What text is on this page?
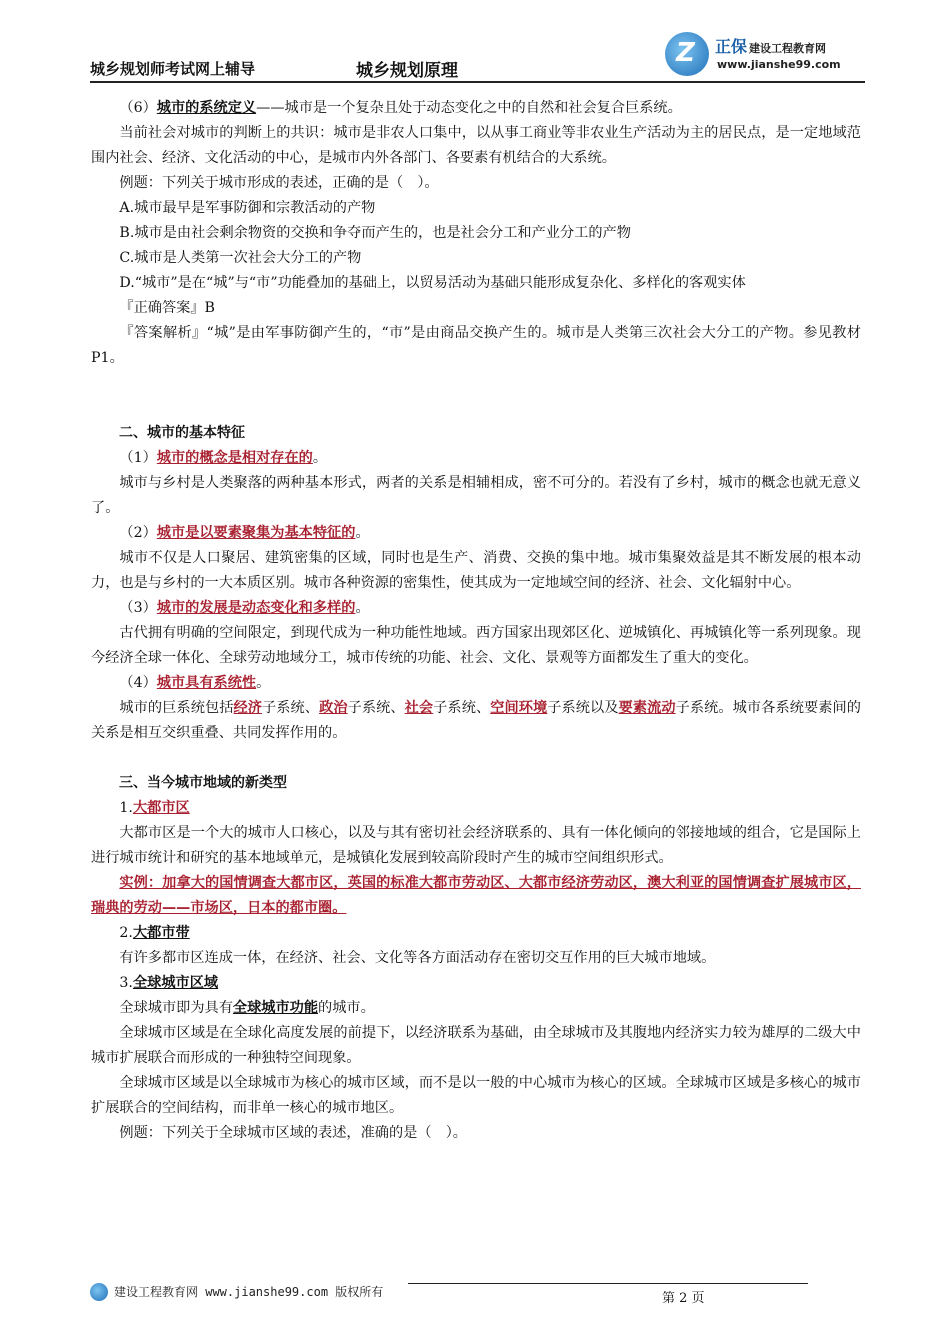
城乡规划师考试网上辅导	城乡规划原理
Z 正保 建设工程教育网
www.jianshe99.com

（6）城市的系统定义——城市是一个复杂且处于动态变化之中的自然和社会复合巨系统。

当前社会对城市的判断上的共识：城市是非农人口集中，以从事工商业等非农业生产活动为主的居民点，是一定地域范围内社会、经济、文化活动的中心，是城市内外各部门、各要素有机结合的大系统。

例题：下列关于城市形成的表述，正确的是（　）。

A.城市最早是军事防御和宗教活动的产物

B.城市是由社会剩余物资的交换和争夺而产生的，也是社会分工和产业分工的产物

C.城市是人类第一次社会大分工的产物

D.“城市”是在“城”与“市”功能叠加的基础上，以贸易活动为基础只能形成复杂化、多样化的客观实体

『正确答案』B

『答案解析』“城”是由军事防御产生的，“市”是由商品交换产生的。城市是人类第三次社会大分工的产物。参见教材P1。

二、城市的基本特征

（1）城市的概念是相对存在的。

城市与乡村是人类聚落的两种基本形式，两者的关系是相辅相成，密不可分的。若没有了乡村，城市的概念也就无意义了。

（2）城市是以要素聚集为基本特征的。

城市不仅是人口聚居、建筑密集的区域，同时也是生产、消费、交换的集中地。城市集聚效益是其不断发展的根本动力，也是与乡村的一大本质区别。城市各种资源的密集性，使其成为一定地域空间的经济、社会、文化辐射中心。

（3）城市的发展是动态变化和多样的。

古代拥有明确的空间限定，到现代成为一种功能性地域。西方国家出现郊区化、逆城镇化、再城镇化等一系列现象。现今经济全球一体化、全球劳动地域分工，城市传统的功能、社会、文化、景观等方面都发生了重大的变化。

（4）城市具有系统性。

城市的巨系统包括经济子系统、政治子系统、社会子系统、空间环境子系统以及要素流动子系统。城市各系统要素间的关系是相互交织重叠、共同发挥作用的。

三、当今城市地域的新类型

1.大都市区

大都市区是一个大的城市人口核心，以及与其有密切社会经济联系的、具有一体化倾向的邻接地域的组合，它是国际上进行城市统计和研究的基本地域单元，是城镇化发展到较高阶段时产生的城市空间组织形式。

实例：加拿大的国情调查大都市区，英国的标准大都市劳动区、大都市经济劳动区，澳大利亚的国情调查扩展城市区，瑞典的劳动——市场区，日本的都市圈。

2.大都市带

有许多都市区连成一体，在经济、社会、文化等各方面活动存在密切交互作用的巨大城市地域。

3.全球城市区域

全球城市即为具有全球城市功能的城市。

全球城市区域是在全球化高度发展的前提下，以经济联系为基础，由全球城市及其腹地内经济实力较为雄厚的二级大中城市扩展联合而形成的一种独特空间现象。

全球城市区域是以全球城市为核心的城市区域，而不是以一般的中心城市为核心的区域。全球城市区域是多核心的城市扩展联合的空间结构，而非单一核心的城市地区。

例题：下列关于全球城市区域的表述，准确的是（　）。

建设工程教育网 www.jianshe99.com 版权所有	第 2 页
